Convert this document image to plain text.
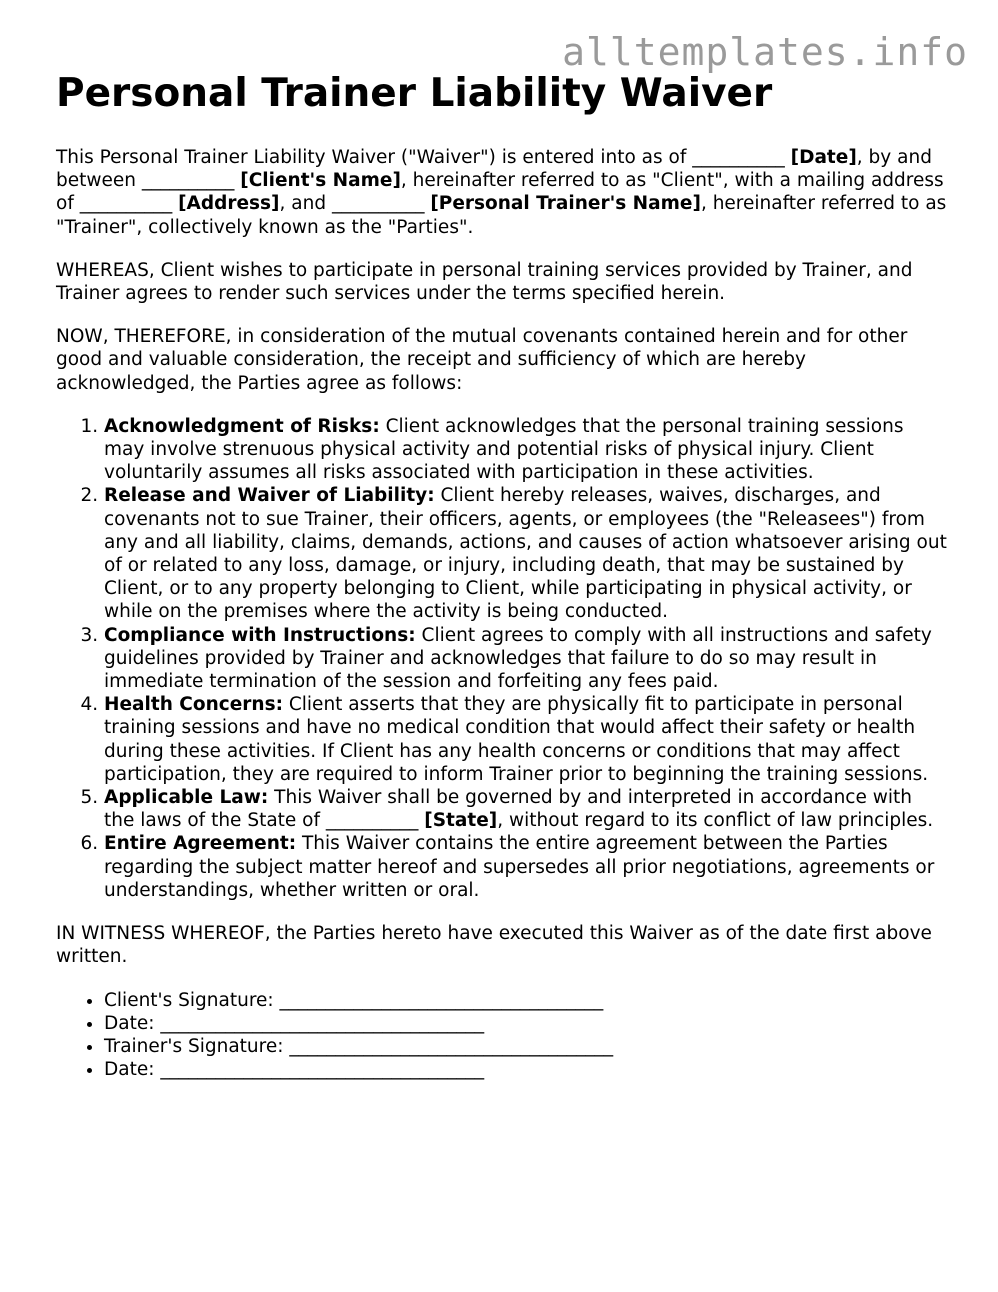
alltemplates.info
Personal Trainer Liability Waiver

This Personal Trainer Liability Waiver ("Waiver") is entered into as of __________ [Date], by and between __________ [Client's Name], hereinafter referred to as "Client", with a mailing address of __________ [Address], and __________ [Personal Trainer's Name], hereinafter referred to as "Trainer", collectively known as the "Parties".

WHEREAS, Client wishes to participate in personal training services provided by Trainer, and Trainer agrees to render such services under the terms specified herein.

NOW, THEREFORE, in consideration of the mutual covenants contained herein and for other good and valuable consideration, the receipt and sufficiency of which are hereby acknowledged, the Parties agree as follows:

1. Acknowledgment of Risks: Client acknowledges that the personal training sessions may involve strenuous physical activity and potential risks of physical injury. Client voluntarily assumes all risks associated with participation in these activities.
2. Release and Waiver of Liability: Client hereby releases, waives, discharges, and covenants not to sue Trainer, their officers, agents, or employees (the "Releasees") from any and all liability, claims, demands, actions, and causes of action whatsoever arising out of or related to any loss, damage, or injury, including death, that may be sustained by Client, or to any property belonging to Client, while participating in physical activity, or while on the premises where the activity is being conducted.
3. Compliance with Instructions: Client agrees to comply with all instructions and safety guidelines provided by Trainer and acknowledges that failure to do so may result in immediate termination of the session and forfeiting any fees paid.
4. Health Concerns: Client asserts that they are physically fit to participate in personal training sessions and have no medical condition that would affect their safety or health during these activities. If Client has any health concerns or conditions that may affect participation, they are required to inform Trainer prior to beginning the training sessions.
5. Applicable Law: This Waiver shall be governed by and interpreted in accordance with the laws of the State of __________ [State], without regard to its conflict of law principles.
6. Entire Agreement: This Waiver contains the entire agreement between the Parties regarding the subject matter hereof and supersedes all prior negotiations, agreements or understandings, whether written or oral.

IN WITNESS WHEREOF, the Parties hereto have executed this Waiver as of the date first above written.

• Client's Signature: ___________________________________
• Date: ___________________________________
• Trainer's Signature: ___________________________________
• Date: ___________________________________
